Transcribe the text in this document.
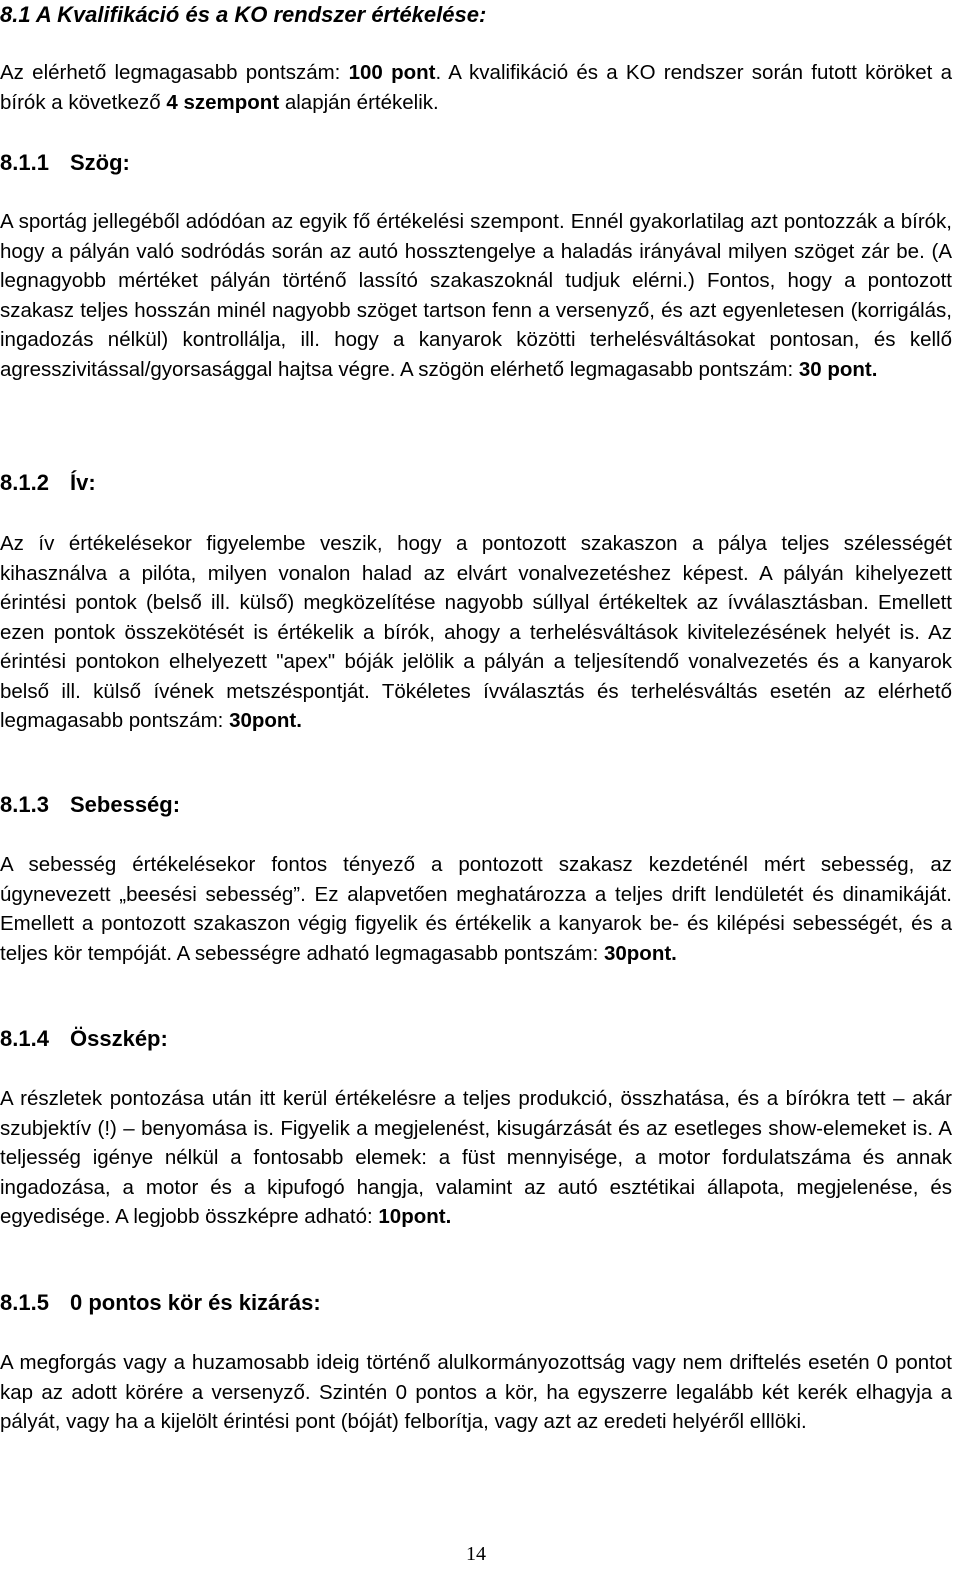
8.1 A Kvalifikáció és a KO rendszer értékelése:

Az elérhető legmagasabb pontszám: 100 pont. A kvalifikáció és a KO rendszer során futott köröket a bírók a következő 4 szempont alapján értékelik.

8.1.1 Szög:

A sportág jellegéből adódóan az egyik fő értékelési szempont. Ennél gyakorlatilag azt pontozzák a bírók, hogy a pályán való sodródás során az autó hossztengelye a haladás irányával milyen szöget zár be. (A legnagyobb mértéket pályán történő lassító szakaszoknál tudjuk elérni.) Fontos, hogy a pontozott szakasz teljes hosszán minél nagyobb szöget tartson fenn a versenyző, és azt egyenletesen (korrigálás, ingadozás nélkül) kontrollálja, ill. hogy a kanyarok közötti terhelésváltásokat pontosan, és kellő agresszivitással/gyorsasággal hajtsa végre. A szögön elérhető legmagasabb pontszám: 30 pont.

8.1.2 Ív:

Az ív értékelésekor figyelembe veszik, hogy a pontozott szakaszon a pálya teljes szélességét kihasználva a pilóta, milyen vonalon halad az elvárt vonalvezetéshez képest. A pályán kihelyezett érintési pontok (belső ill. külső) megközelítése nagyobb súllyal értékeltek az ívválasztásban. Emellett ezen pontok összekötését is értékelik a bírók, ahogy a terhelésváltások kivitelezésének helyét is. Az érintési pontokon elhelyezett "apex" bóják jelölik a pályán a teljesítendő vonalvezetés és a kanyarok belső ill. külső ívének metszéspontját. Tökéletes ívválasztás és terhelésváltás esetén az elérhető legmagasabb pontszám: 30pont.

8.1.3 Sebesség:

A sebesség értékelésekor fontos tényező a pontozott szakasz kezdeténél mért sebesség, az úgynevezett „beesési sebesség”. Ez alapvetően meghatározza a teljes drift lendületét és dinamikáját. Emellett a pontozott szakaszon végig figyelik és értékelik a kanyarok be- és kilépési sebességét, és a teljes kör tempóját. A sebességre adható legmagasabb pontszám: 30pont.

8.1.4 Összkép:

A részletek pontozása után itt kerül értékelésre a teljes produkció, összhatása, és a bírókra tett – akár szubjektív (!) – benyomása is. Figyelik a megjelenést, kisugárzását és az esetleges show-elemeket is. A teljesség igénye nélkül a fontosabb elemek: a füst mennyisége, a motor fordulatszáma és annak ingadozása, a motor és a kipufogó hangja, valamint az autó esztétikai állapota, megjelenése, és egyedisége. A legjobb összképre adható: 10pont.

8.1.5 0 pontos kör és kizárás:

A megforgás vagy a huzamosabb ideig történő alulkormányozottság vagy nem driftelés esetén 0 pontot kap az adott körére a versenyző. Szintén 0 pontos a kör, ha egyszerre legalább két kerék elhagyja a pályát, vagy ha a kijelölt érintési pont (bóját) felborítja, vagy azt az eredeti helyéről elllöki.

14
